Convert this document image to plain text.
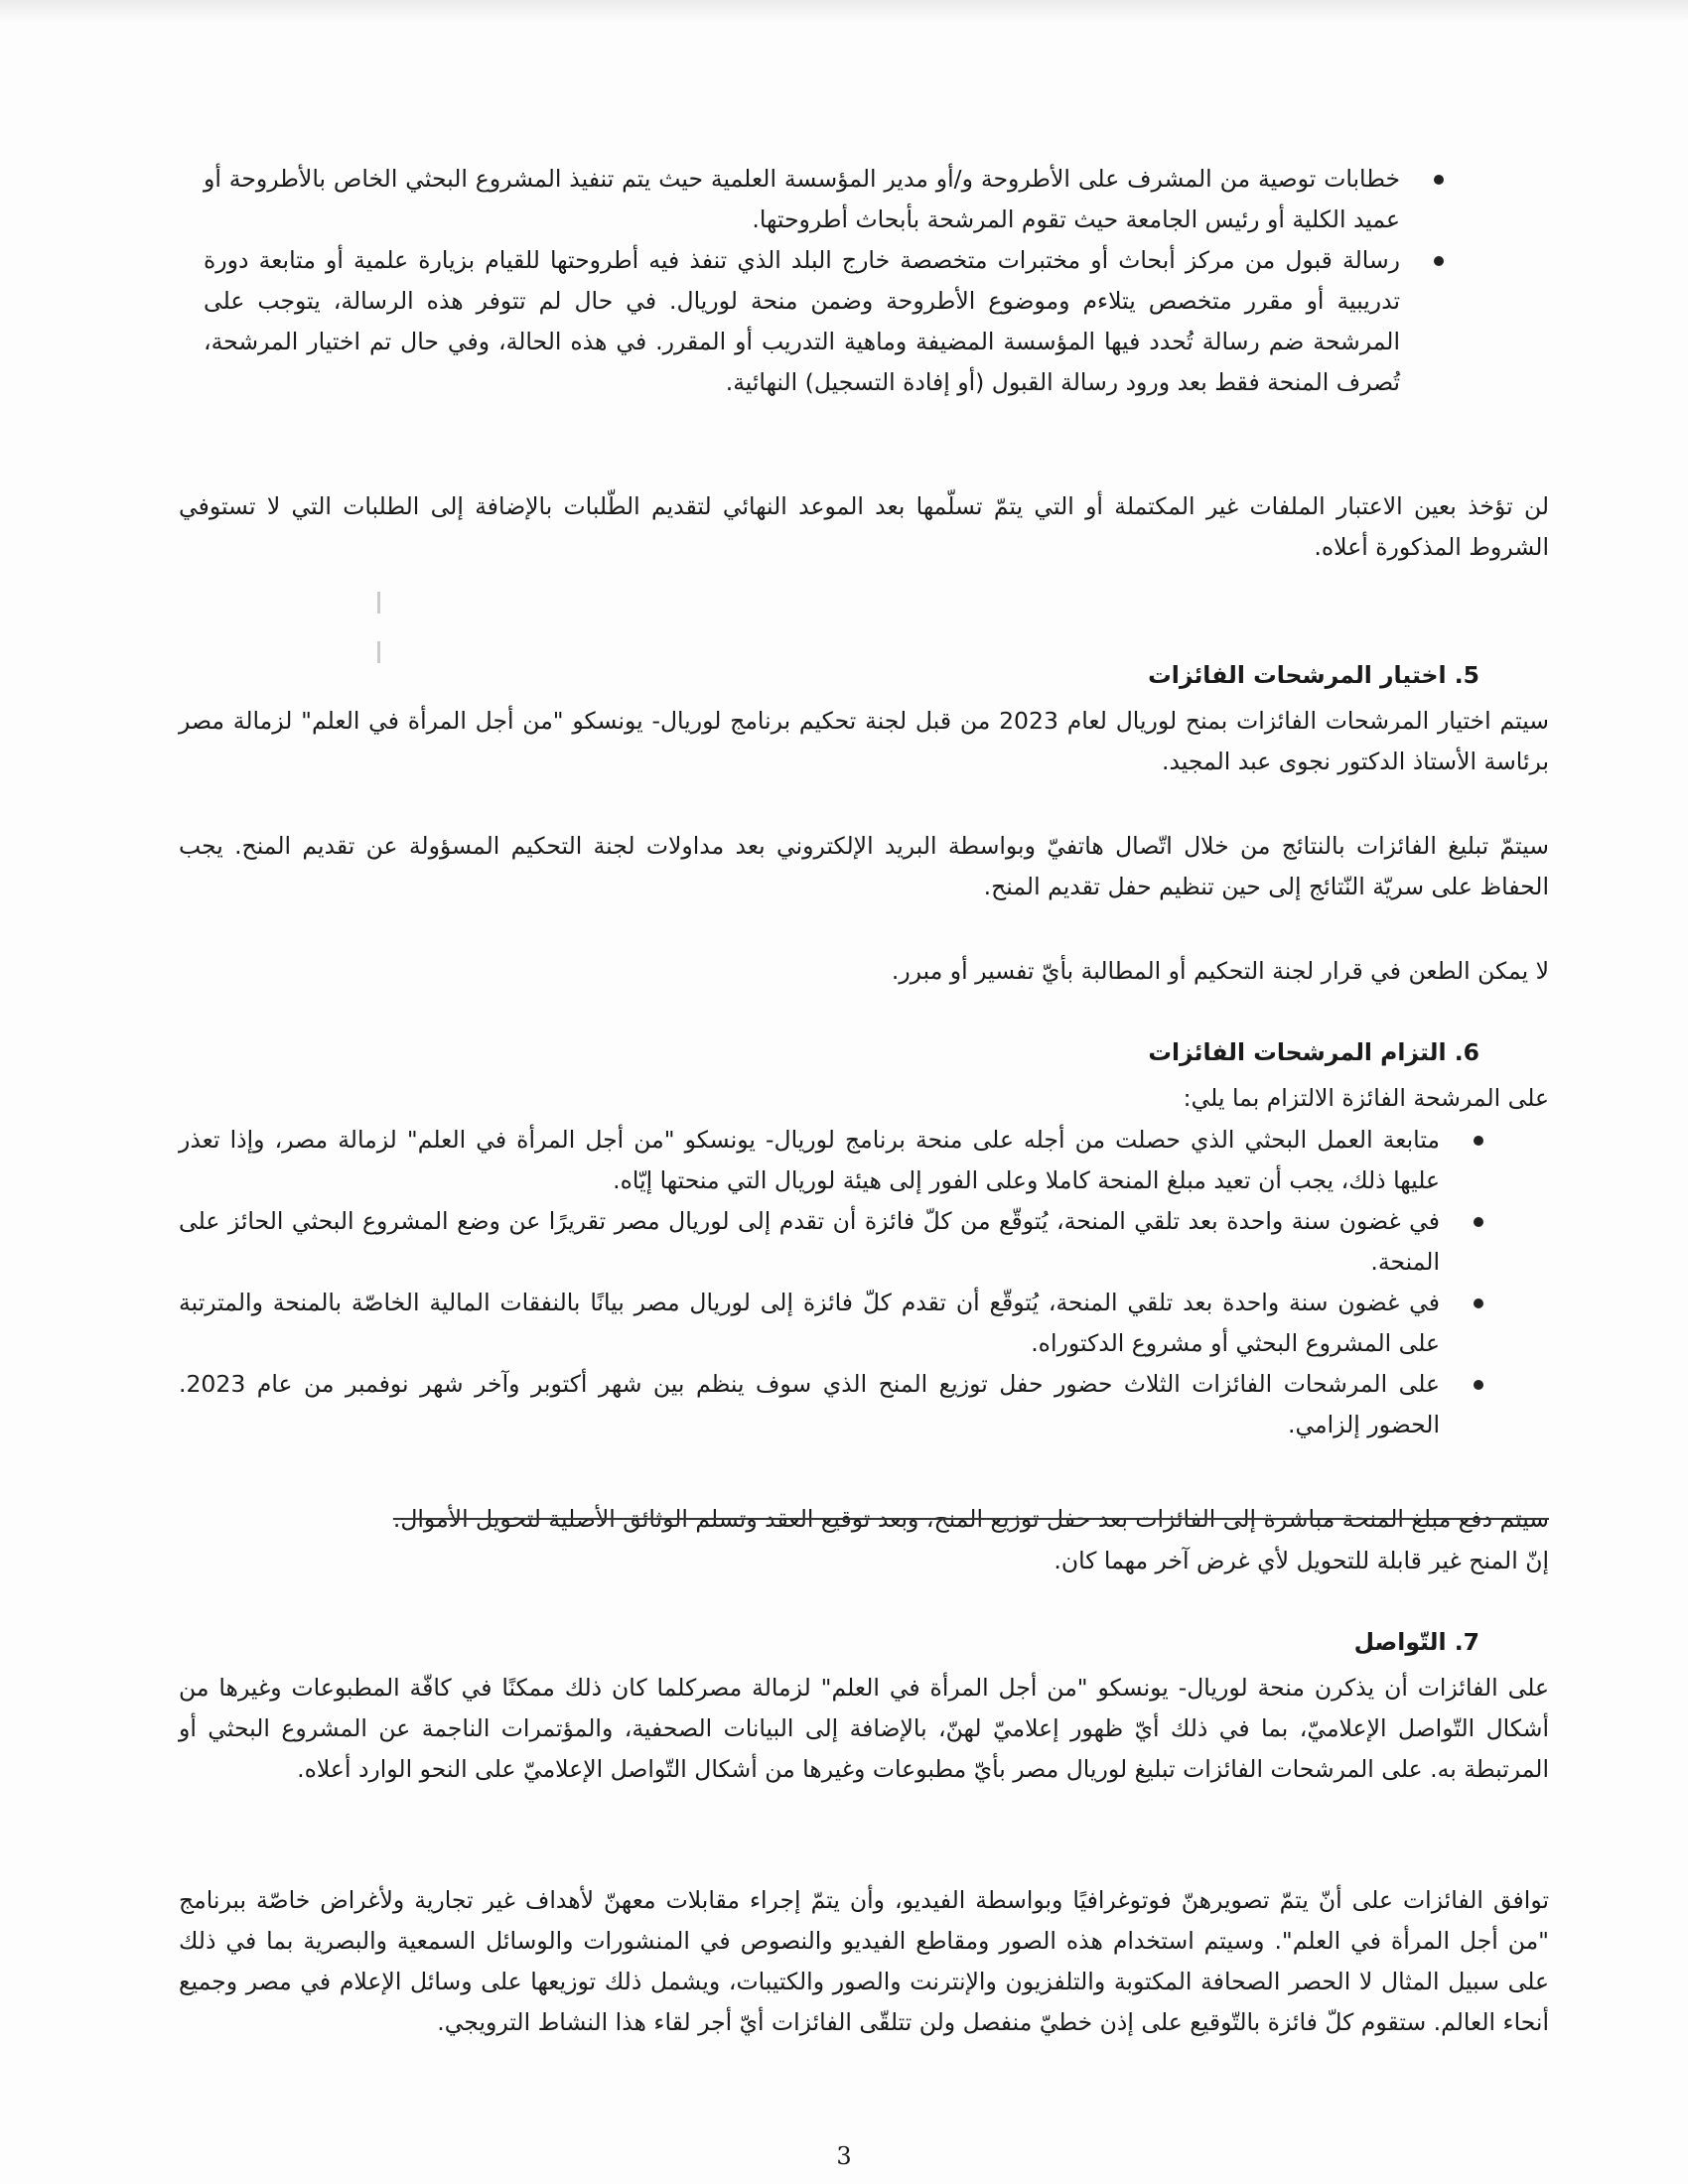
خطابات توصية من المشرف على الأطروحة و/أو مدير المؤسسة العلمية حيث يتم تنفيذ المشروع البحثي الخاص بالأطروحة أو عميد الكلية أو رئيس الجامعة حيث تقوم المرشحة بأبحاث أطروحتها.
رسالة قبول من مركز أبحاث أو مختبرات متخصصة خارج البلد الذي تنفذ فيه أطروحتها للقيام بزيارة علمية أو متابعة دورة تدريبية أو مقرر متخصص يتلاءم وموضوع الأطروحة وضمن منحة لوريال. في حال لم تتوفر هذه الرسالة، يتوجب على المرشحة ضم رسالة تُحدد فيها المؤسسة المضيفة وماهية التدريب أو المقرر. في هذه الحالة، وفي حال تم اختيار المرشحة، تُصرف المنحة فقط بعد ورود رسالة القبول (أو إفادة التسجيل) النهائية.

لن تؤخذ بعين الاعتبار الملفات غير المكتملة أو التي يتمّ تسلّمها بعد الموعد النهائي لتقديم الطّلبات بالإضافة إلى الطلبات التي لا تستوفي الشروط المذكورة أعلاه.

5. اختيار المرشحات الفائزات

سيتم اختيار المرشحات الفائزات بمنح لوريال لعام 2023 من قبل لجنة تحكيم برنامج لوريال- يونسكو "من أجل المرأة في العلم" لزمالة مصر برئاسة الأستاذ الدكتور نجوى عبد المجيد.

سيتمّ تبليغ الفائزات بالنتائج من خلال اتّصال هاتفيّ وبواسطة البريد الإلكتروني بعد مداولات لجنة التحكيم المسؤولة عن تقديم المنح. يجب الحفاظ على سريّة النّتائج إلى حين تنظيم حفل تقديم المنح.

لا يمكن الطعن في قرار لجنة التحكيم أو المطالبة بأيّ تفسير أو مبرر.

6. التزام المرشحات الفائزات

على المرشحة الفائزة الالتزام بما يلي:

متابعة العمل البحثي الذي حصلت من أجله على منحة برنامج لوريال- يونسكو "من أجل المرأة في العلم" لزمالة مصر، وإذا تعذر عليها ذلك، يجب أن تعيد مبلغ المنحة كاملا وعلى الفور إلى هيئة لوريال التي منحتها إيّاه.
في غضون سنة واحدة بعد تلقي المنحة، يُتوقّع من كلّ فائزة أن تقدم إلى لوريال مصر تقريرًا عن وضع المشروع البحثي الحائز على المنحة.
في غضون سنة واحدة بعد تلقي المنحة، يُتوقّع أن تقدم كلّ فائزة إلى لوريال مصر بيانًا بالنفقات المالية الخاصّة بالمنحة والمترتبة على المشروع البحثي أو مشروع الدكتوراه.
على المرشحات الفائزات الثلاث حضور حفل توزيع المنح الذي سوف ينظم بين شهر أكتوبر وآخر شهر نوفمبر من عام 2023. الحضور إلزامي.

سيتم دفع مبلغ المنحة مباشرة إلى الفائزات بعد حفل توزيع المنح، وبعد توقيع العقد وتسلم الوثائق الأصلية لتحويل الأموال.

إنّ المنح غير قابلة للتحويل لأي غرض آخر مهما كان.

7. التّواصل

على الفائزات أن يذكرن منحة لوريال- يونسكو "من أجل المرأة في العلم" لزمالة مصركلما كان ذلك ممكنًا في كافّة المطبوعات وغيرها من أشكال التّواصل الإعلاميّ، بما في ذلك أيّ ظهور إعلاميّ لهنّ، بالإضافة إلى البيانات الصحفية، والمؤتمرات الناجمة عن المشروع البحثي أو المرتبطة به. على المرشحات الفائزات تبليغ لوريال مصر بأيّ مطبوعات وغيرها من أشكال التّواصل الإعلاميّ على النحو الوارد أعلاه.

توافق الفائزات على أنّ يتمّ تصويرهنّ فوتوغرافيًا وبواسطة الفيديو، وأن يتمّ إجراء مقابلات معهنّ لأهداف غير تجارية ولأغراض خاصّة ببرنامج "من أجل المرأة في العلم". وسيتم استخدام هذه الصور ومقاطع الفيديو والنصوص في المنشورات والوسائل السمعية والبصرية بما في ذلك على سبيل المثال لا الحصر الصحافة المكتوبة والتلفزيون والإنترنت والصور والكتيبات، ويشمل ذلك توزيعها على وسائل الإعلام في مصر وجميع أنحاء العالم. ستقوم كلّ فائزة بالتّوقيع على إذن خطيّ منفصل ولن تتلقّى الفائزات أيّ أجر لقاء هذا النشاط الترويجي.

3
